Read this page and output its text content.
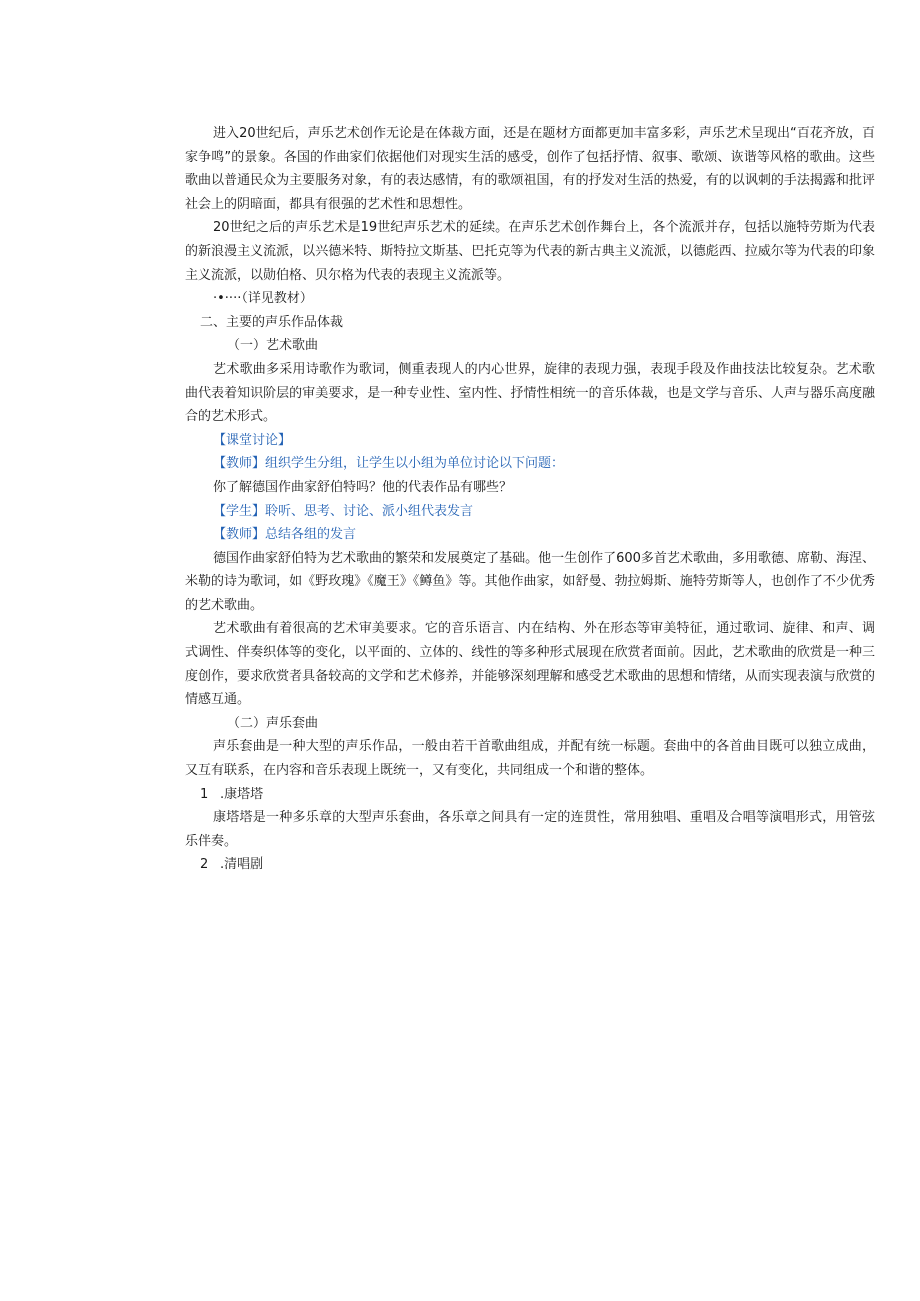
进入20世纪后，声乐艺术创作无论是在体裁方面，还是在题材方面都更加丰富多彩，声乐艺术呈现出“百花齐放，百家争鸣”的景象。各国的作曲家们依据他们对现实生活的感受，创作了包括抒情、叙事、歌颂、诙谐等风格的歌曲。这些歌曲以普通民众为主要服务对象，有的表达感情，有的歌颂祖国，有的抒发对生活的热爱，有的以讽刺的手法揭露和批评社会上的阴暗面，都具有很强的艺术性和思想性。

20世纪之后的声乐艺术是19世纪声乐艺术的延续。在声乐艺术创作舞台上，各个流派并存，包括以施特劳斯为代表的新浪漫主义流派，以兴德米特、斯特拉文斯基、巴托克等为代表的新古典主义流派，以德彪西、拉威尔等为代表的印象主义流派，以勋伯格、贝尔格为代表的表现主义流派等。

·•····（详见教材）

二、主要的声乐作品体裁

（一）艺术歌曲

艺术歌曲多采用诗歌作为歌词，侧重表现人的内心世界，旋律的表现力强，表现手段及作曲技法比较复杂。艺术歌曲代表着知识阶层的审美要求，是一种专业性、室内性、抒情性相统一的音乐体裁，也是文学与音乐、人声与器乐高度融合的艺术形式。

【课堂讨论】

【教师】组织学生分组，让学生以小组为单位讨论以下问题：

你了解德国作曲家舒伯特吗？他的代表作品有哪些？

【学生】聆听、思考、讨论、派小组代表发言

【教师】总结各组的发言

德国作曲家舒伯特为艺术歌曲的繁荣和发展奠定了基础。他一生创作了600多首艺术歌曲，多用歌德、席勒、海涅、米勒的诗为歌词，如《野玫瑰》《魔王》《鳟鱼》等。其他作曲家，如舒曼、勃拉姆斯、施特劳斯等人，也创作了不少优秀的艺术歌曲。

艺术歌曲有着很高的艺术审美要求。它的音乐语言、内在结构、外在形态等审美特征，通过歌词、旋律、和声、调式调性、伴奏织体等的变化，以平面的、立体的、线性的等多种形式展现在欣赏者面前。因此，艺术歌曲的欣赏是一种三度创作，要求欣赏者具备较高的文学和艺术修养，并能够深刻理解和感受艺术歌曲的思想和情绪，从而实现表演与欣赏的情感互通。

（二）声乐套曲

声乐套曲是一种大型的声乐作品，一般由若干首歌曲组成，并配有统一标题。套曲中的各首曲目既可以独立成曲，又互有联系，在内容和音乐表现上既统一，又有变化，共同组成一个和谐的整体。

1 .康塔塔

康塔塔是一种多乐章的大型声乐套曲，各乐章之间具有一定的连贯性，常用独唱、重唱及合唱等演唱形式，用管弦乐伴奏。

2 .清唱剧
